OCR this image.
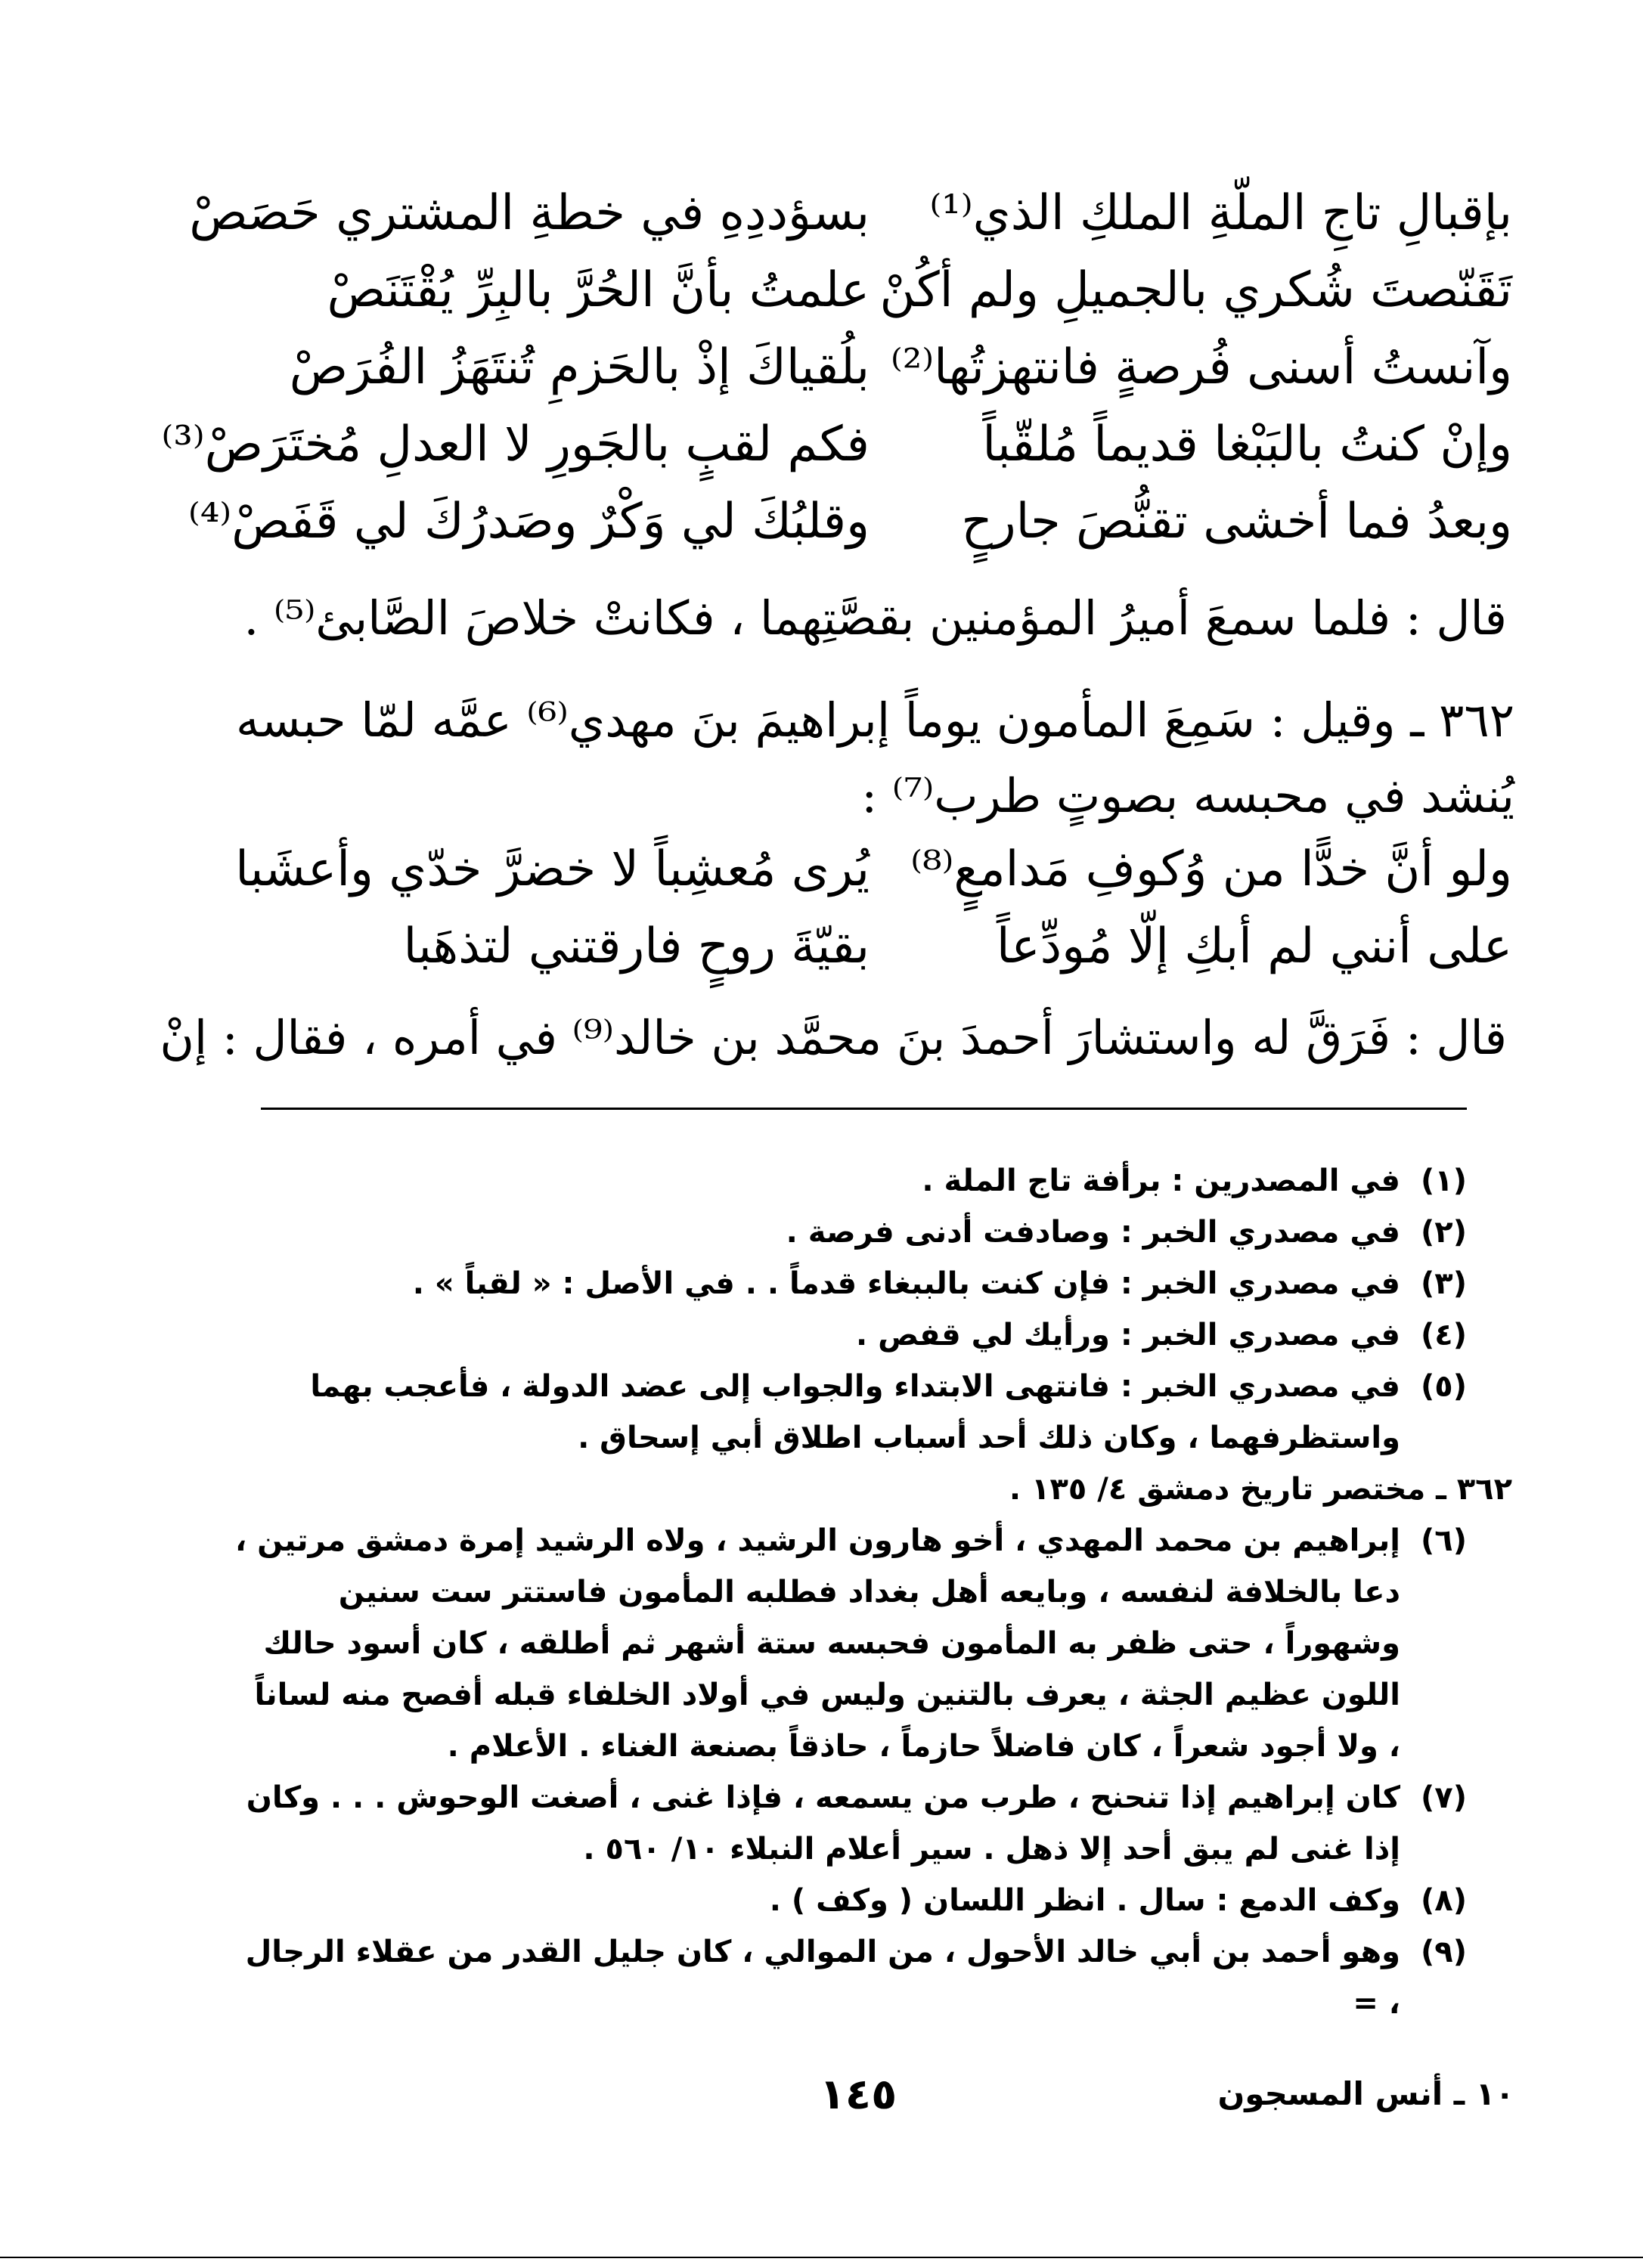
بإقبالِ تاجِ الملّةِ الملكِ الذي⁽¹⁾
بسؤددِهِ في خطةِ المشتري حَصَصْ
تَقَنّصتَ شُكري بالجميلِ ولم أكُنْ
علمتُ بأنَّ الحُرَّ بالبِرِّ يُقْتَنَصْ
وآنستُ أسنى فُرصةٍ فانتهزتُها⁽²⁾
بلُقياكَ إذْ بالحَزمِ تُنتَهَزُ الفُرَصْ
وإنْ كنتُ بالبَبْغا قديماً مُلقّباً
فكم لقبٍ بالجَورِ لا العدلِ مُختَرَصْ⁽³⁾
وبعدُ فما أخشى تقنُّصَ جارحٍ
وقلبُكَ لي وَكْرٌ وصَدرُكَ لي قَفَصْ⁽⁴⁾
قال : فلما سمعَ أميرُ المؤمنين بقصَّتِهما ، فكانتْ خلاصَ الصَّابئ⁽⁵⁾ .
٣٦٢ ـ وقيل : سَمِعَ المأمون يوماً إبراهيمَ بنَ مهدي⁽⁶⁾ عمَّه لمّا حبسه
يُنشد في محبسه بصوتٍ طرب⁽⁷⁾ :
ولو أنَّ خدًّا من وُكوفِ مَدامعٍ⁽⁸⁾
يُرى مُعشِباً لا خضرَّ خدّي وأعشَبا
على أنني لم أبكِ إلّا مُودِّعاً
بقيّةَ روحٍ فارقتني لتذهَبا
قال : فَرَقَّ له واستشارَ أحمدَ بنَ محمَّد بن خالد⁽⁹⁾ في أمره ، فقال : إنْ
(١)
في المصدرين : برأفة تاج الملة .
(٢)
في مصدري الخبر : وصادفت أدنى فرصة .
(٣)
في مصدري الخبر : فإن كنت بالببغاء قدماً . . في الأصل : « لقباً » .
(٤)
في مصدري الخبر : ورأيك لي قفص .
(٥)
في مصدري الخبر : فانتهى الابتداء والجواب إلى عضد الدولة ، فأعجب بهما واستظرفهما ، وكان ذلك أحد أسباب اطلاق أبي إسحاق .
٣٦٢ ـ مختصر تاريخ دمشق ٤/ ١٣٥ .
(٦)
إبراهيم بن محمد المهدي ، أخو هارون الرشيد ، ولاه الرشيد إمرة دمشق مرتين ، دعا بالخلافة لنفسه ، وبايعه أهل بغداد فطلبه المأمون فاستتر ست سنين وشهوراً ، حتى ظفر به المأمون فحبسه ستة أشهر ثم أطلقه ، كان أسود حالك اللون عظيم الجثة ، يعرف بالتنين وليس في أولاد الخلفاء قبله أفصح منه لساناً ، ولا أجود شعراً ، كان فاضلاً حازماً ، حاذقاً بصنعة الغناء . الأعلام .
(٧)
كان إبراهيم إذا تنحنح ، طرب من يسمعه ، فإذا غنى ، أصغت الوحوش . . . وكان إذا غنى لم يبق أحد إلا ذهل . سير أعلام النبلاء ١٠/ ٥٦٠ .
(٨)
وكف الدمع : سال . انظر اللسان ( وكف ) .
(٩)
وهو أحمد بن أبي خالد الأحول ، من الموالي ، كان جليل القدر من عقلاء الرجال ، =
١٤٥	١٠ ـ أنس المسجون
